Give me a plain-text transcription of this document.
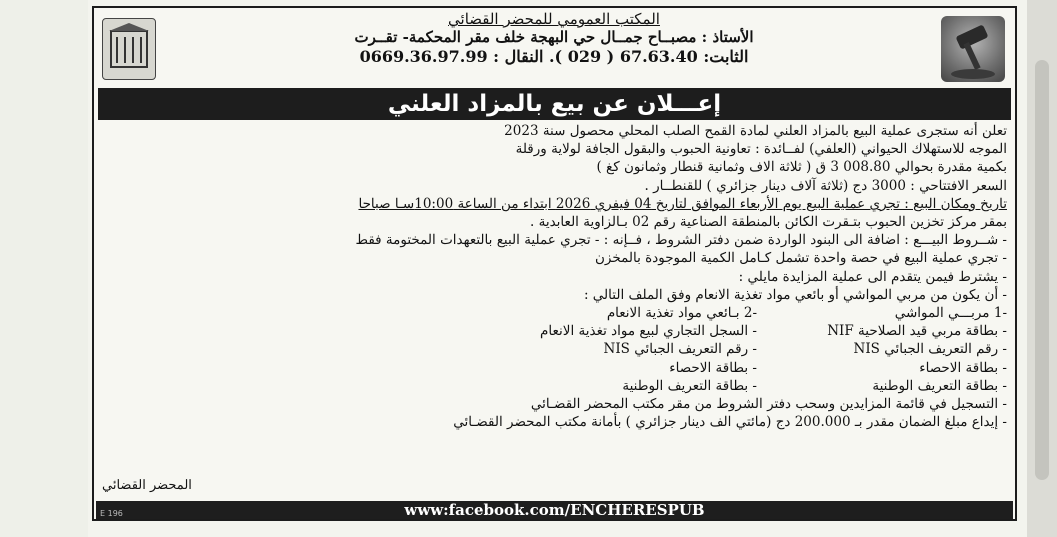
المكتب العمومي للمحضر القضائي

الأستاذ : مصبــاح جمــال حي البهجة خلف مقر المحكمة- تقــرت

الثابت: 67.63.40 ( 029 ). النقال : 0669.36.97.99

إعـــلان عن بيع بالمزاد العلني

تعلن أنه ستجرى عملية البيع بالمزاد العلني لمادة القمح الصلب المحلي محصول سنة 2023

الموجه للاستهلاك الحيواني (العلفي) لفــائدة : تعاونية الحبوب والبقول الجافة لولاية ورقلة

بكمية مقدرة بحوالي 008.80 3 ق ( ثلاثة الاف وثمانية قنطار وثمانون كغ )

السعر الافتتاحي : 3000 دج (ثلاثة آلاف دينار جزائري ) للقنطــار .

تاريخ ومكان البيع : تجري عملية البيع يوم الأربعاء الموافق لتاريخ 04 فيفري 2026 ابتداء من الساعة 10:00سـا صباحا

بمقر مركز تخزين الحبوب بتـقرت الكائن بالمنطقة الصناعية رقم 02 بـالزاوية العابدية .

- شــروط البيـــع : اضافة الى البنود الواردة ضمن دفتر الشروط ، فــإنه : - تجري عملية البيع بالتعهدات المختومة فقط

- تجري عملية البيع في حصة واحدة تشمل كـامل الكمية الموجودة بالمخزن

- يشترط فيمن يتقدم الى عملية المزايدة مايلي :

- أن يكون من مربي المواشي أو بائعي مواد تغذية الانعام وفق الملف التالي :

-1 مربـــي المواشي
-2 بـائعي مواد تغذية الانعام
- بطاقة مربي قيد الصلاحية NIF
- السجل التجاري لبيع مواد تغذية الانعام
- رقم التعريف الجبائي NIS
- رقم التعريف الجبائي NIS
- بطاقة الاحصاء
- بطاقة الاحصاء
- بطاقة التعريف الوطنية
- بطاقة التعريف الوطنية

- التسجيل في قائمة المزايدين وسحب دفتر الشروط من مقر مكتب المحضر القضـائي

- إيداع مبلغ الضمان مقدر بـ 200.000 دج (مائتي الف دينار جزائري ) بأمانة مكتب المحضر القضـائي

المحضر القضائي
www:facebook.com/ENCHERESPUB
E 196
